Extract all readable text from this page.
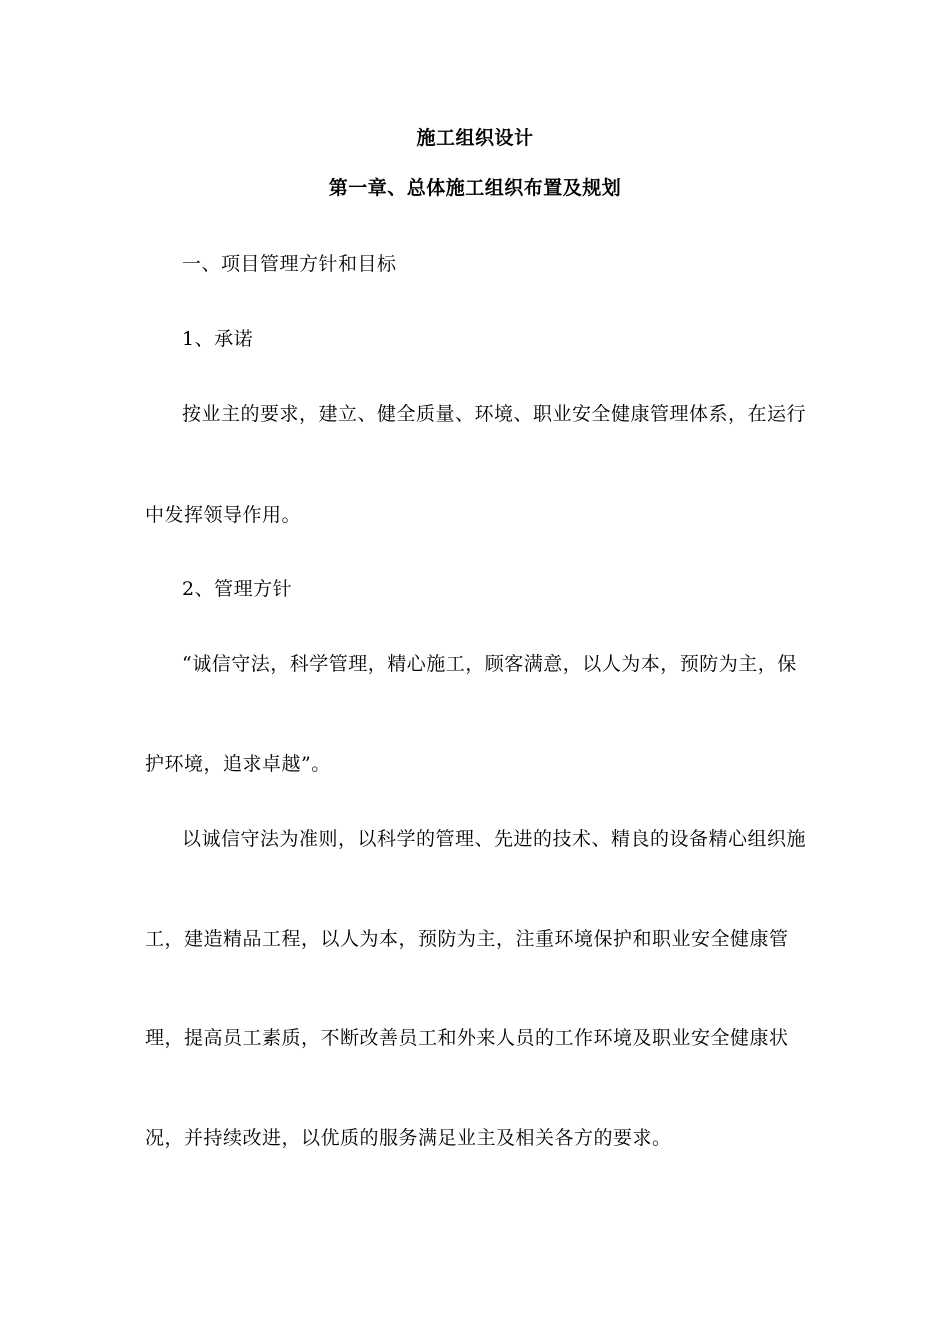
施工组织设计
第一章、总体施工组织布置及规划
一、项目管理方针和目标
1、承诺
按业主的要求，建立、健全质量、环境、职业安全健康管理体系，在运行
中发挥领导作用。
2、管理方针
“诚信守法，科学管理，精心施工，顾客满意，以人为本，预防为主，保
护环境，追求卓越”。
以诚信守法为准则，以科学的管理、先进的技术、精良的设备精心组织施
工，建造精品工程，以人为本，预防为主，注重环境保护和职业安全健康管
理，提高员工素质，不断改善员工和外来人员的工作环境及职业安全健康状
况，并持续改进，以优质的服务满足业主及相关各方的要求。
